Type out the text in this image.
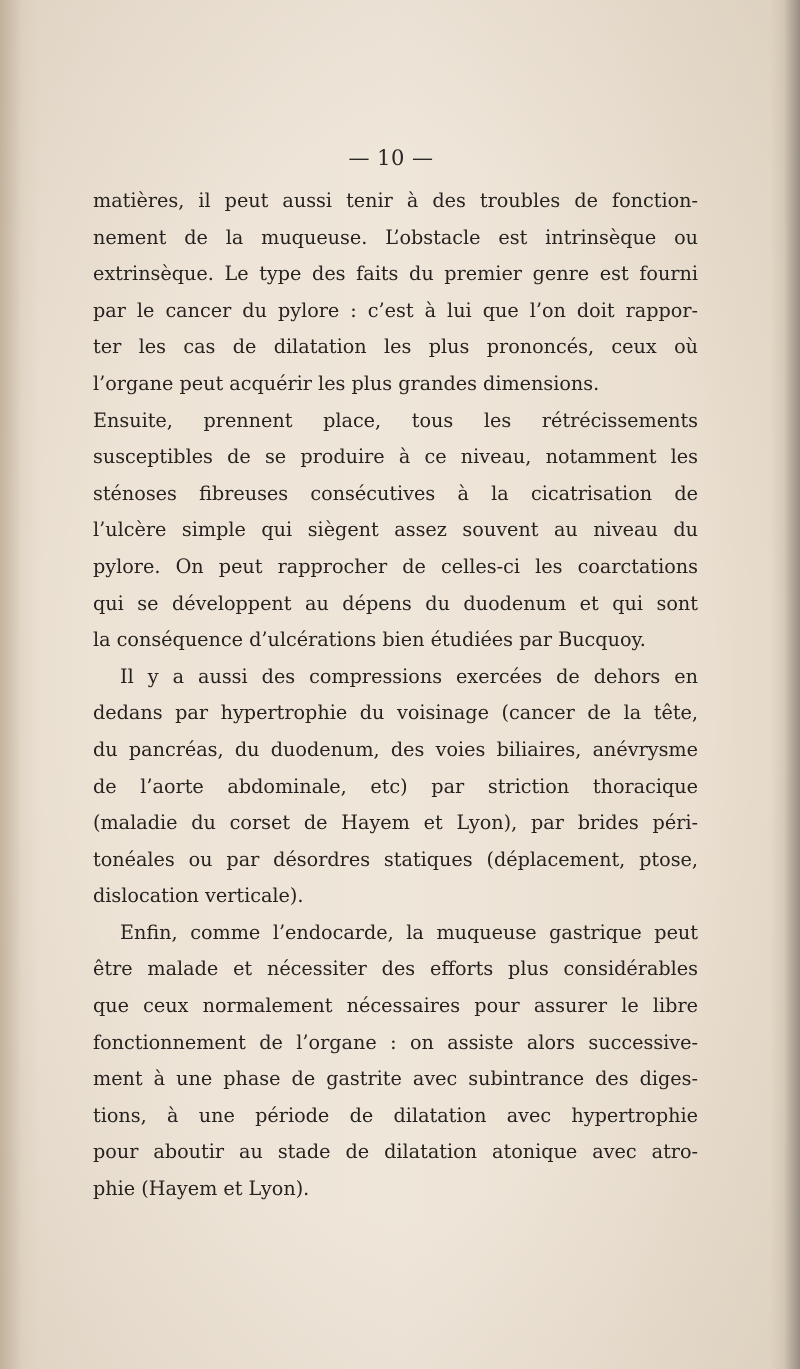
— 10 —
matières, il peut aussi tenir à des troubles de fonction-
nement de la muqueuse. L’obstacle est intrinsèque ou
extrinsèque. Le type des faits du premier genre est fourni
par le cancer du pylore : c’est à lui que l’on doit rappor-
ter les cas de dilatation les plus prononcés, ceux où
l’organe peut acquérir les plus grandes dimensions.
Ensuite, prennent place, tous les rétrécissements
susceptibles de se produire à ce niveau, notamment les
sténoses fibreuses consécutives à la cicatrisation de
l’ulcère simple qui siègent assez souvent au niveau du
pylore. On peut rapprocher de celles-ci les coarctations
qui se développent au dépens du duodenum et qui sont
la conséquence d’ulcérations bien étudiées par Bucquoy.
Il y a aussi des compressions exercées de dehors en
dedans par hypertrophie du voisinage (cancer de la tête,
du pancréas, du duodenum, des voies biliaires, anévrysme
de l’aorte abdominale, etc) par striction thoracique
(maladie du corset de Hayem et Lyon), par brides péri-
tonéales ou par désordres statiques (déplacement, ptose,
dislocation verticale).
Enfin, comme l’endocarde, la muqueuse gastrique peut
être malade et nécessiter des efforts plus considérables
que ceux normalement nécessaires pour assurer le libre
fonctionnement de l’organe : on assiste alors successive-
ment à une phase de gastrite avec subintrance des diges-
tions, à une période de dilatation avec hypertrophie
pour aboutir au stade de dilatation atonique avec atro-
phie (Hayem et Lyon).
